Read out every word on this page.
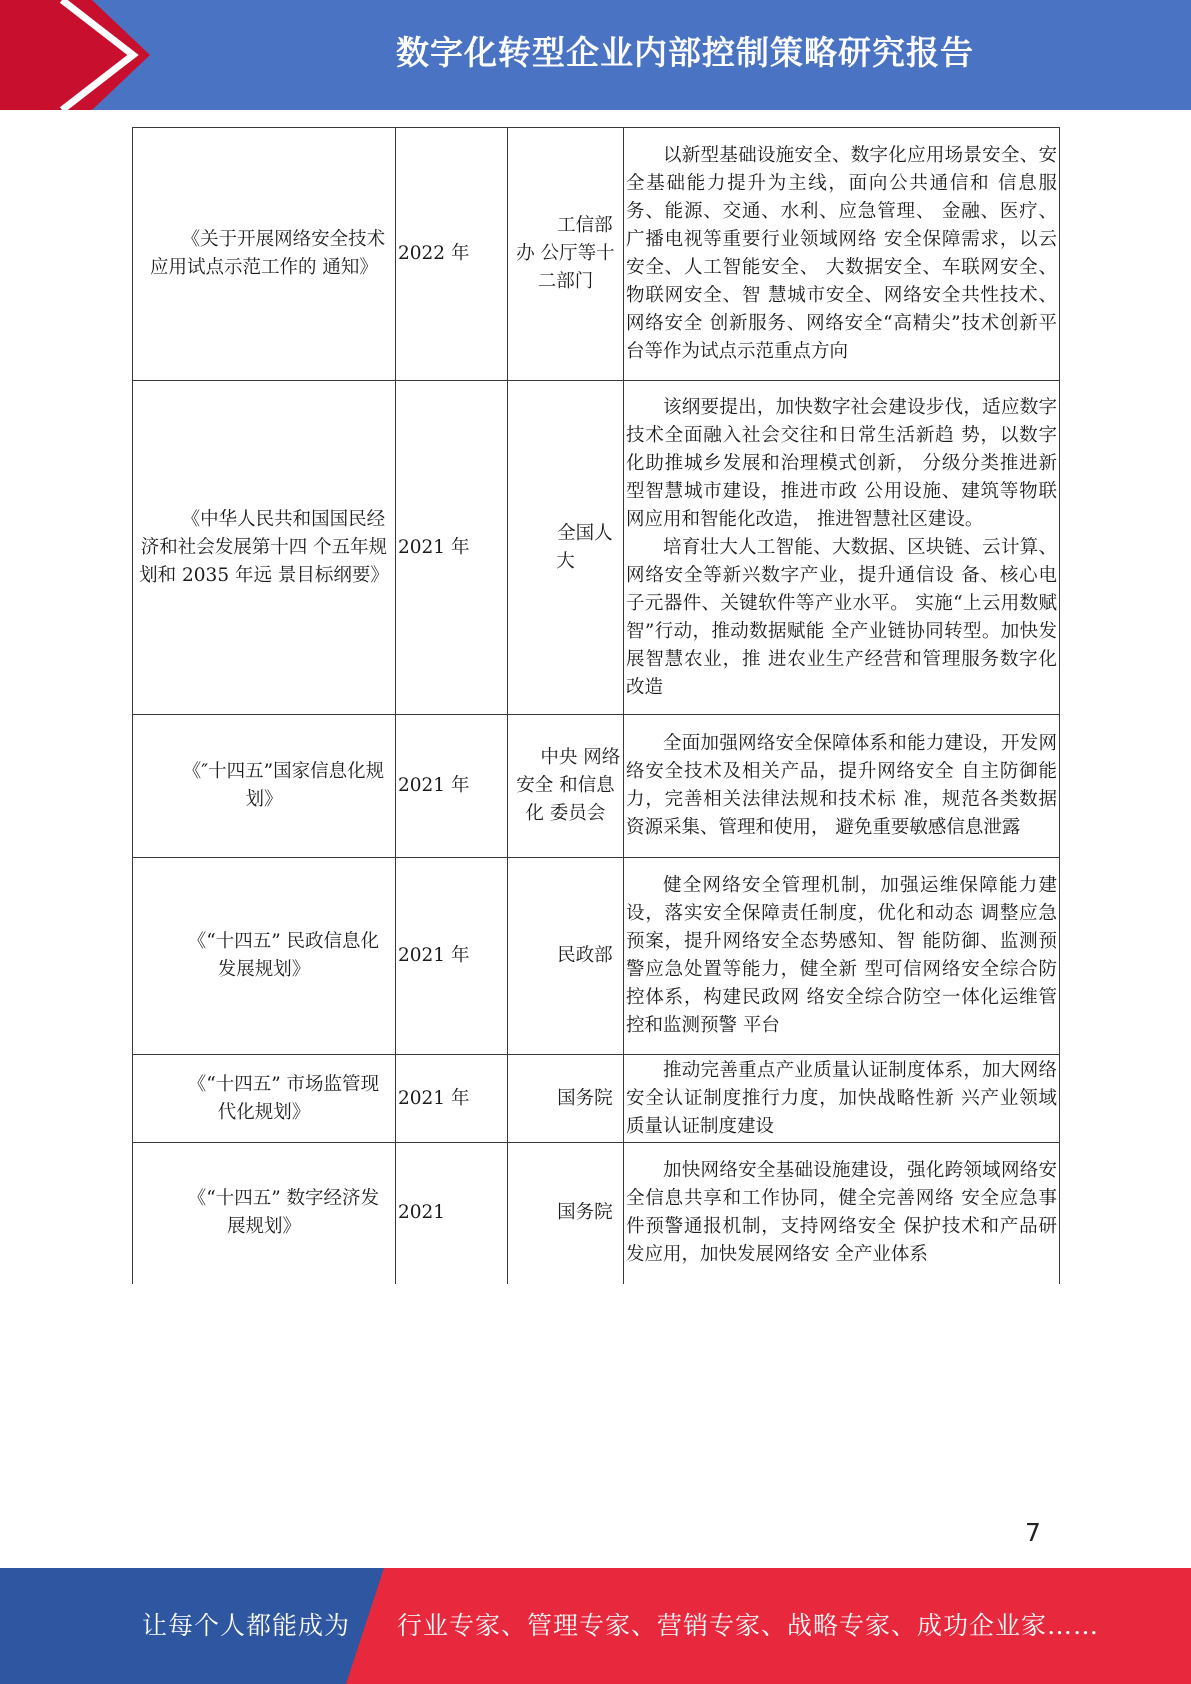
数字化转型企业内部控制策略研究报告
《关于开展网络安全技术应用试点示范工作的 通知》	2022 年	工信部办 公厅等十二部门	以新型基础设施安全、数字化应用场景安全、安全基础能力提升为主线，面向公共通信和 信息服务、能源、交通、水利、应急管理、 金融、医疗、广播电视等重要行业领域网络 安全保障需求，以云安全、人工智能安全、 大数据安全、车联网安全、物联网安全、智 慧城市安全、网络安全共性技术、网络安全 创新服务、网络安全“高精尖”技术创新平 台等作为试点示范重点方向

《中华人民共和国国民经济和社会发展第十四 个五年规划和 2035 年远 景目标纲要》	2021 年	全国人大	该纲要提出，加快数字社会建设步伐，适应数字技术全面融入社会交往和日常生活新趋 势，以数字化助推城乡发展和治理模式创新， 分级分类推进新型智慧城市建设，推进市政 公用设施、建筑等物联网应用和智能化改造， 推进智慧社区建设。

培育壮大人工智能、大数据、区块链、云计算、网络安全等新兴数字产业，提升通信设 备、核心电子元器件、关键软件等产业水平。 实施“上云用数赋智”行动，推动数据赋能 全产业链协同转型。加快发展智慧农业，推 进农业生产经营和管理服务数字化改造

《″十四五”国家信息化规划》	2021 年	中央 网络安全 和信息化 委员会	全面加强网络安全保障体系和能力建设，开发网络安全技术及相关产品，提升网络安全 自主防御能力，完善相关法律法规和技术标 准，规范各类数据资源采集、管理和使用， 避免重要敏感信息泄露

《“十四五” 民政信息化 发展规划》	2021 年	民政部	健全网络安全管理机制，加强运维保障能力建设，落实安全保障责任制度，优化和动态 调整应急预案，提升网络安全态势感知、智 能防御、监测预警应急处置等能力，健全新 型可信网络安全综合防控体系，构建民政网 络安全综合防空一体化运维管控和监测预警 平台

《“十四五” 市场监管现 代化规划》	2021 年	国务院	推动完善重点产业质量认证制度体系，加大网络安全认证制度推行力度，加快战略性新 兴产业领域质量认证制度建设

《“十四五” 数字经济发 展规划》	2021	国务院	加快网络安全基础设施建设，强化跨领域网络安全信息共享和工作协同，健全完善网络 安全应急事件预警通报机制，支持网络安全 保护技术和产品研发应用，加快发展网络安 全产业体系

7
让每个人都能成为 行业专家、管理专家、营销专家、战略专家、成功企业家……
